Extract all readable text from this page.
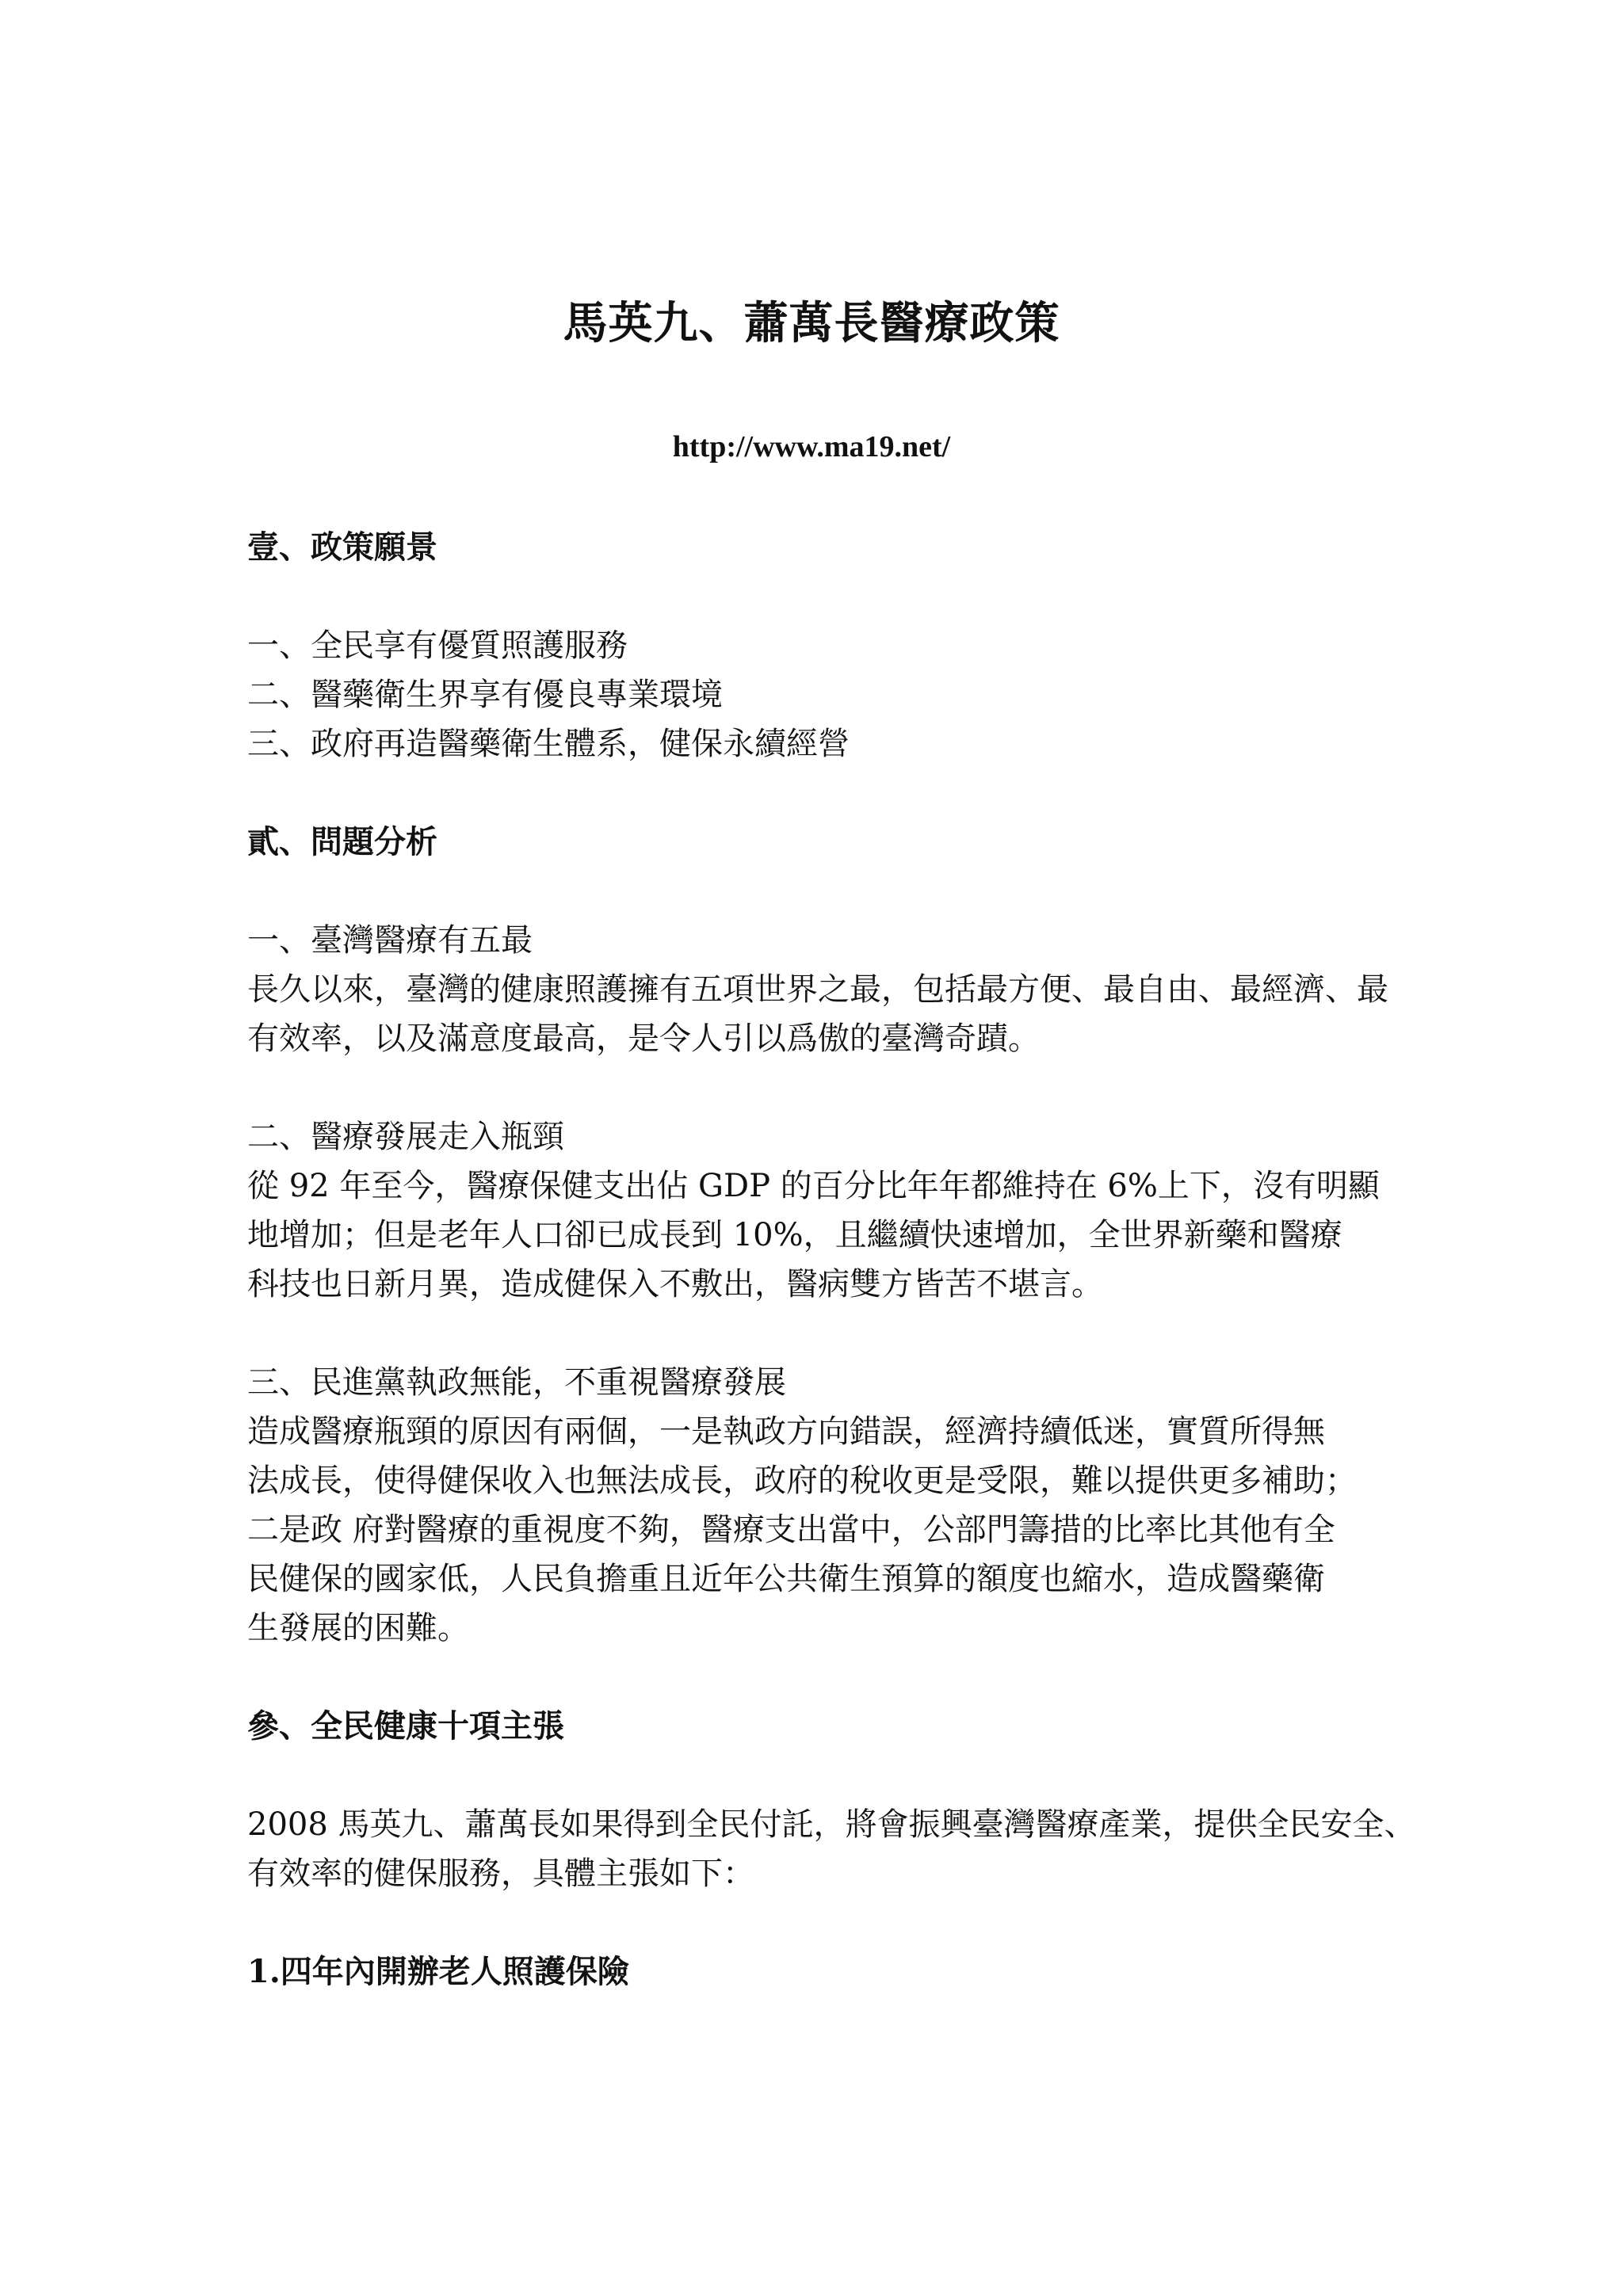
馬英九、蕭萬長醫療政策
http://www.ma19.net/
壹、政策願景
一、全民享有優質照護服務
二、醫藥衛生界享有優良專業環境
三、政府再造醫藥衛生體系，健保永續經營
貳、問題分析
一、臺灣醫療有五最
長久以來，臺灣的健康照護擁有五項世界之最，包括最方便、最自由、最經濟、最
有效率，以及滿意度最高，是令人引以爲傲的臺灣奇蹟。
二、醫療發展走入瓶頸
從 92 年至今，醫療保健支出佔 GDP 的百分比年年都維持在 6%上下，沒有明顯
地增加；但是老年人口卻已成長到 10%，且繼續快速增加，全世界新藥和醫療
科技也日新月異，造成健保入不敷出，醫病雙方皆苦不堪言。
三、民進黨執政無能，不重視醫療發展
造成醫療瓶頸的原因有兩個，一是執政方向錯誤，經濟持續低迷，實質所得無
法成長，使得健保收入也無法成長，政府的稅收更是受限，難以提供更多補助；
二是政 府對醫療的重視度不夠，醫療支出當中，公部門籌措的比率比其他有全
民健保的國家低，人民負擔重且近年公共衛生預算的額度也縮水，造成醫藥衛
生發展的困難。
參、全民健康十項主張
2008 馬英九、蕭萬長如果得到全民付託，將會振興臺灣醫療產業，提供全民安全、
有效率的健保服務，具體主張如下：
1.四年內開辦老人照護保險
